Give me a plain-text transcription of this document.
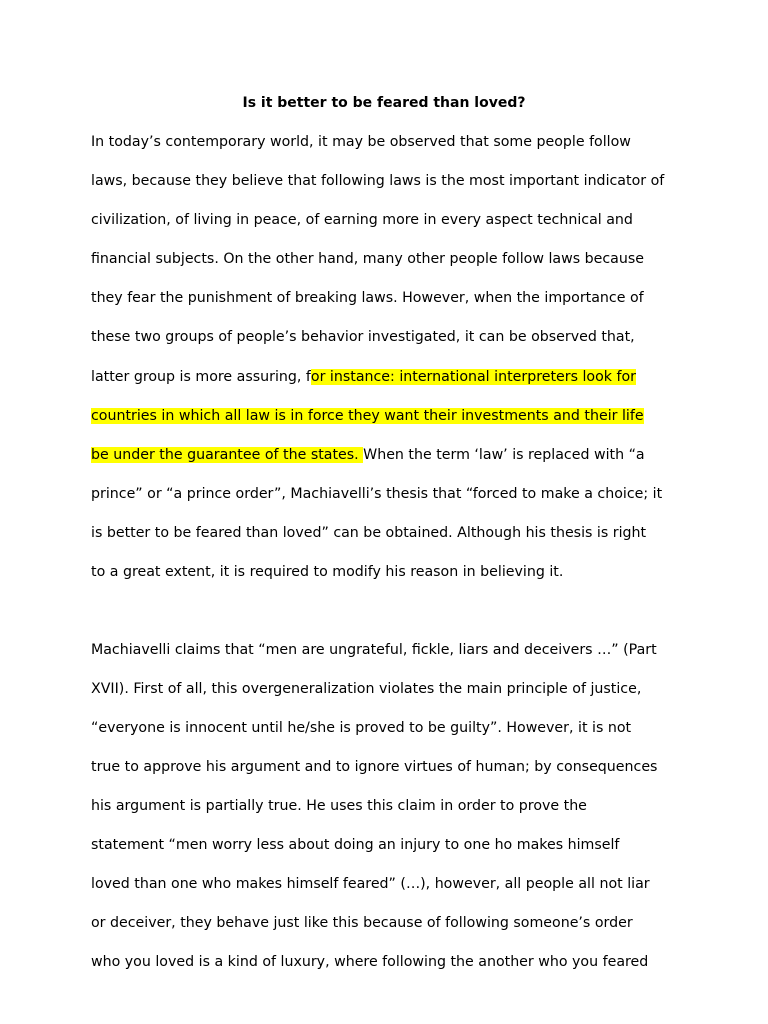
Is it better to be feared than loved?
In today’s contemporary world, it may be observed that some people follow
laws, because they believe that following laws is the most important indicator of
civilization, of living in peace, of earning more in every aspect technical and
financial subjects. On the other hand, many other people follow laws because
they fear the punishment of breaking laws. However, when the importance of
these two groups of people’s behavior investigated, it can be observed that,
latter group is more assuring, for instance: international interpreters look for
countries in which all law is in force they want their investments and their life
be under the guarantee of the states. When the term ‘law’ is replaced with “a
prince” or “a prince order”, Machiavelli’s thesis that “forced to make a choice; it
is better to be feared than loved” can be obtained. Although his thesis is right
to a great extent, it is required to modify his reason in believing it.
Machiavelli claims that “men are ungrateful, fickle, liars and deceivers …” (Part
XVII). First of all, this overgeneralization violates the main principle of justice,
“everyone is innocent until he/she is proved to be guilty”. However, it is not
true to approve his argument and to ignore virtues of human; by consequences
his argument is partially true. He uses this claim in order to prove the
statement “men worry less about doing an injury to one ho makes himself
loved than one who makes himself feared” (…), however, all people all not liar
or deceiver, they behave just like this because of following someone’s order
who you loved is a kind of luxury, where following the another who you feared
